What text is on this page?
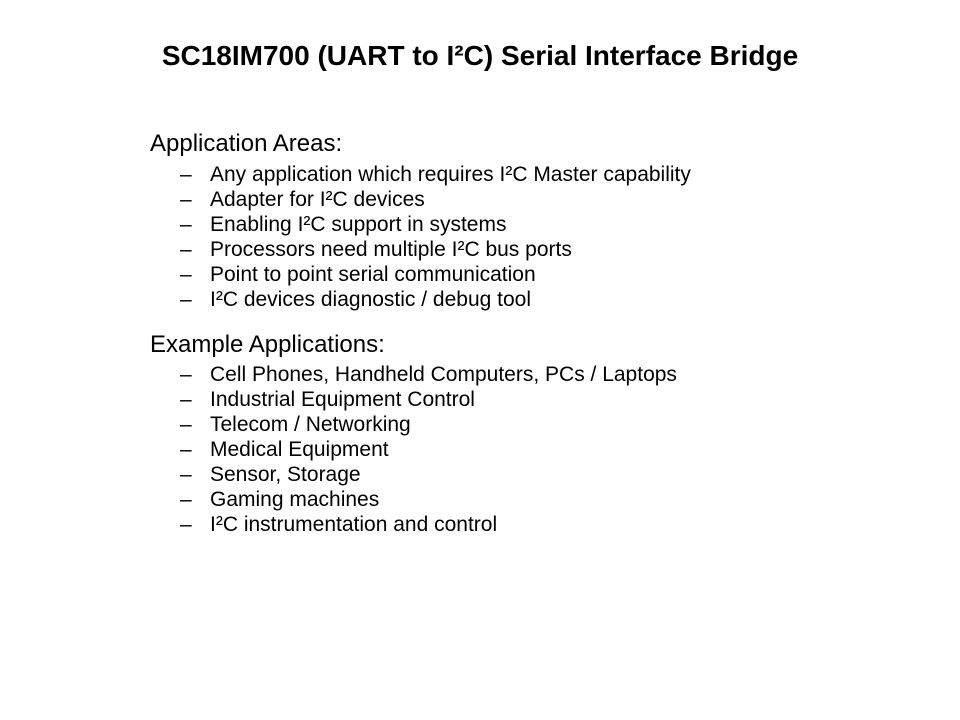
SC18IM700 (UART to I²C) Serial Interface Bridge
Application Areas:
– Any application which requires I²C Master capability
– Adapter for I²C devices
– Enabling I²C support in systems
– Processors need multiple I²C bus ports
– Point to point serial communication
– I²C devices diagnostic / debug tool
Example Applications:
– Cell Phones, Handheld Computers, PCs / Laptops
– Industrial Equipment Control
– Telecom / Networking
– Medical Equipment
– Sensor, Storage
– Gaming machines
– I²C instrumentation and control
